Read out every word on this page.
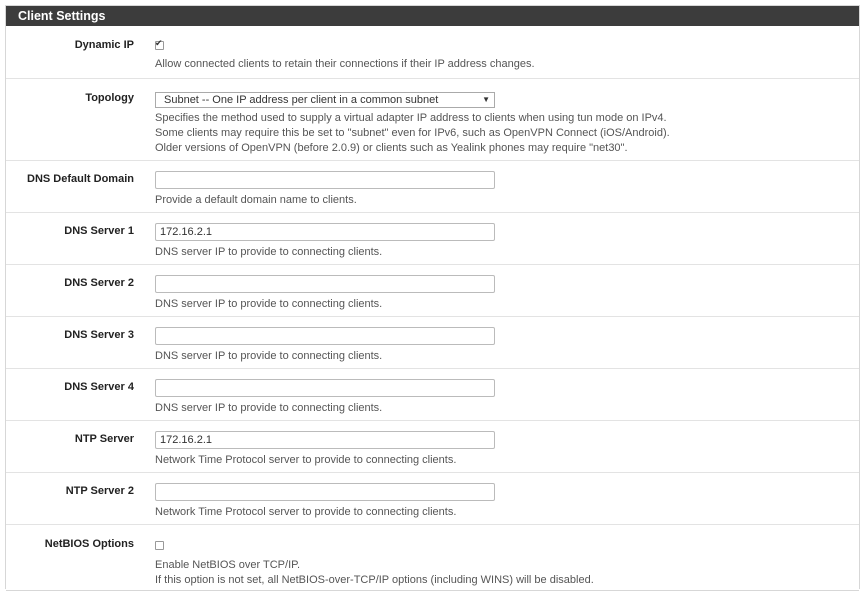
Client Settings
Dynamic IP
✔
Allow connected clients to retain their connections if their IP address changes.
Topology	Subnet -- One IP address per client in a common subnet	▼
Specifies the method used to supply a virtual adapter IP address to clients when using tun mode on IPv4.
Some clients may require this be set to "subnet" even for IPv6, such as OpenVPN Connect (iOS/Android).
Older versions of OpenVPN (before 2.0.9) or clients such as Yealink phones may require "net30".
DNS Default Domain
Provide a default domain name to clients.
DNS Server 1
172.16.2.1
DNS server IP to provide to connecting clients.
DNS Server 2
DNS server IP to provide to connecting clients.
DNS Server 3
DNS server IP to provide to connecting clients.
DNS Server 4
DNS server IP to provide to connecting clients.
NTP Server
172.16.2.1
Network Time Protocol server to provide to connecting clients.
NTP Server 2
Network Time Protocol server to provide to connecting clients.
NetBIOS Options
Enable NetBIOS over TCP/IP.
If this option is not set, all NetBIOS-over-TCP/IP options (including WINS) will be disabled.
